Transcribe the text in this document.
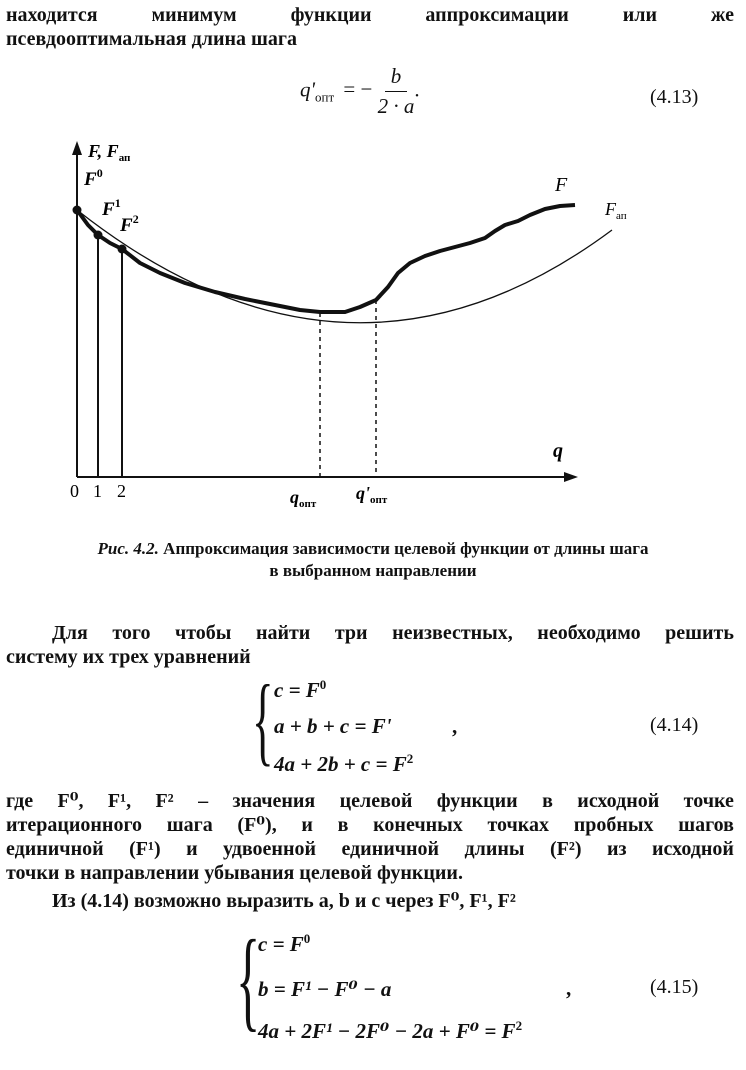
находится	минимум	функции	аппроксимации	или	же
псевдооптимальная длина шага
$q'_{опт}$ = − $\frac{b}{2 \cdot a}$ .	(4.13)
F, $F_{ап}$
q
F
$F_{ап}$
$F^0$
$F^1$
$F^2$
0 1 2	$q_{опт}$
$q'_{опт}$
Рис. 4.2. Аппроксимация зависимости целевой функции от длины шага
в выбранном направлении
Для того чтобы найти три неизвестных, необходимо решить
систему их трех уравнений
{ $c = F^0$
a + b + c = F'
$4a + 2b + c = F^2$
,	(4.14)
где F⁰, F¹, F² – значения целевой функции в исходной точке
итерационного шага (F⁰), и в конечных точках пробных шагов
единичной (F¹) и удвоенной единичной длины (F²) из исходной
точки в направлении убывания целевой функции.
Из (4.14) возможно выразить a, b и c через F⁰, F¹, F²
{
$c = F^0$
b = F¹ − F⁰ − a
$4a + 2F^1 - 2F^0 - 2a + F^0 = F^2$
,	(4.15)
